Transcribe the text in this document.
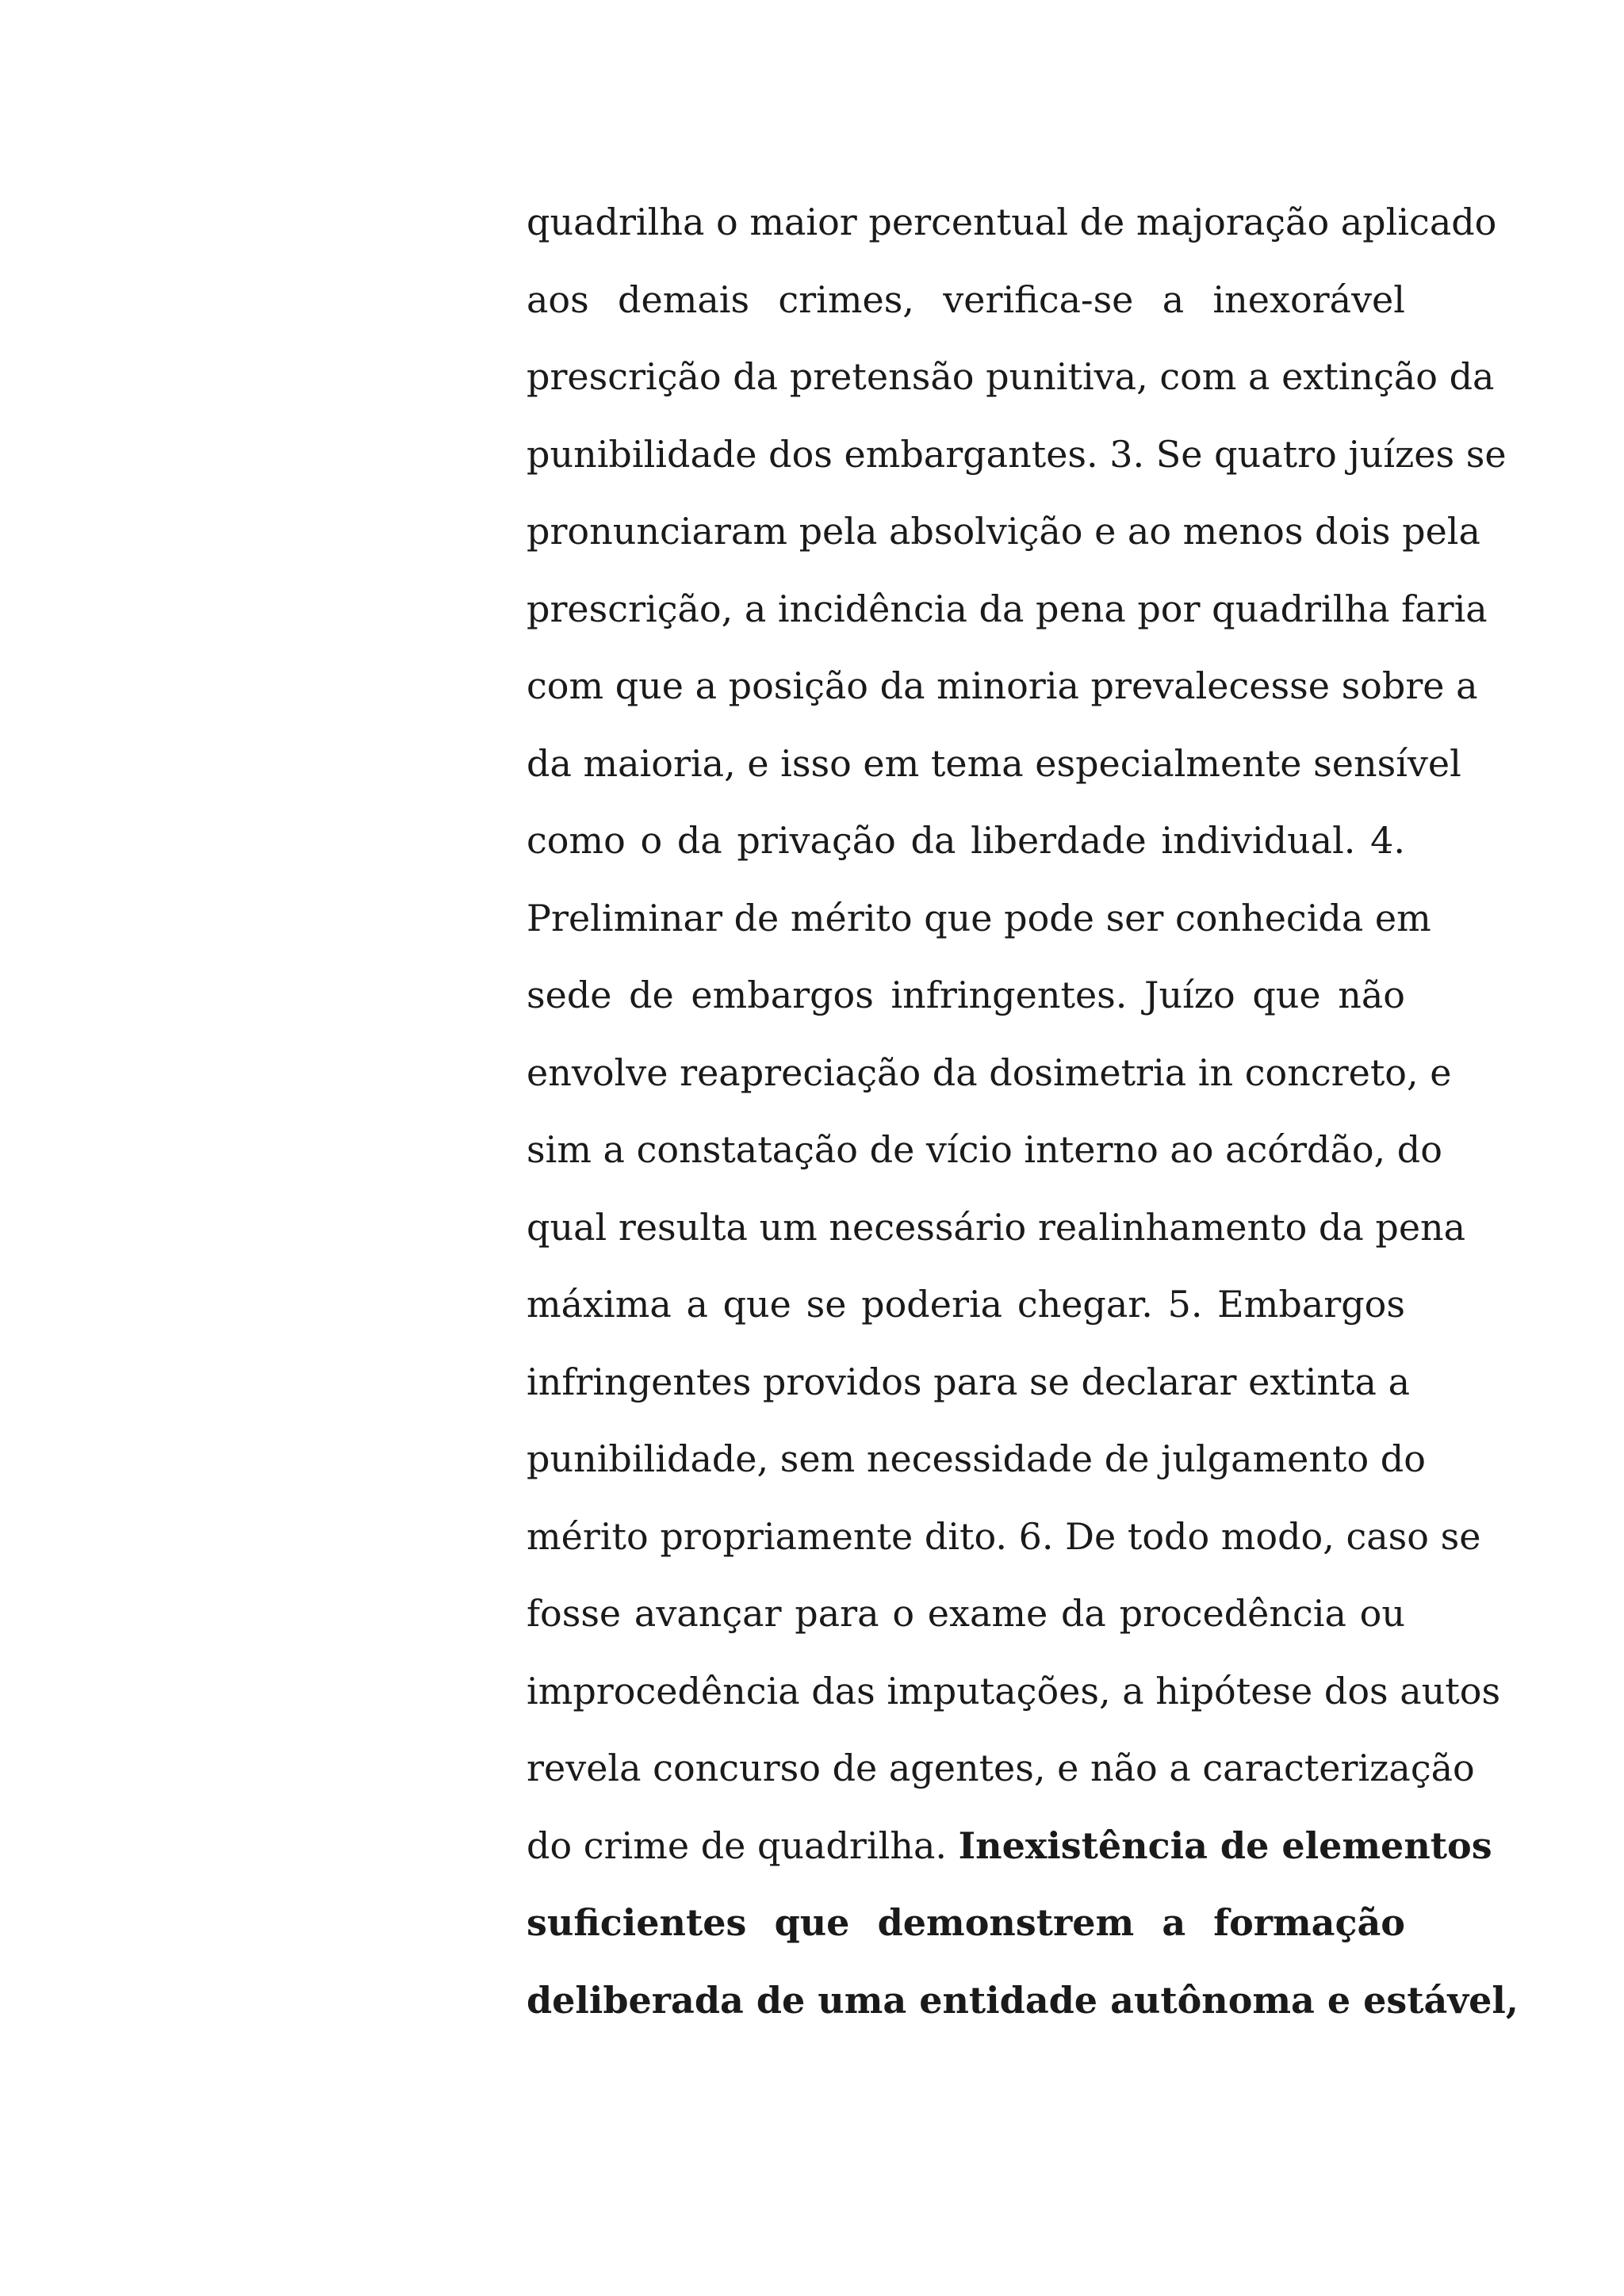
quadrilha o maior percentual de majoração aplicado
aos demais crimes, verifica-se a inexorável
prescrição da pretensão punitiva, com a extinção da
punibilidade dos embargantes. 3. Se quatro juízes se
pronunciaram pela absolvição e ao menos dois pela
prescrição, a incidência da pena por quadrilha faria
com que a posição da minoria prevalecesse sobre a
da maioria, e isso em tema especialmente sensível
como o da privação da liberdade individual. 4.
Preliminar de mérito que pode ser conhecida em
sede de embargos infringentes. Juízo que não
envolve reapreciação da dosimetria in concreto, e
sim a constatação de vício interno ao acórdão, do
qual resulta um necessário realinhamento da pena
máxima a que se poderia chegar. 5. Embargos
infringentes providos para se declarar extinta a
punibilidade, sem necessidade de julgamento do
mérito propriamente dito. 6. De todo modo, caso se
fosse avançar para o exame da procedência ou
improcedência das imputações, a hipótese dos autos
revela concurso de agentes, e não a caracterização
do crime de quadrilha. Inexistência de elementos
suficientes que demonstrem a formação
deliberada de uma entidade autônoma e estável,
